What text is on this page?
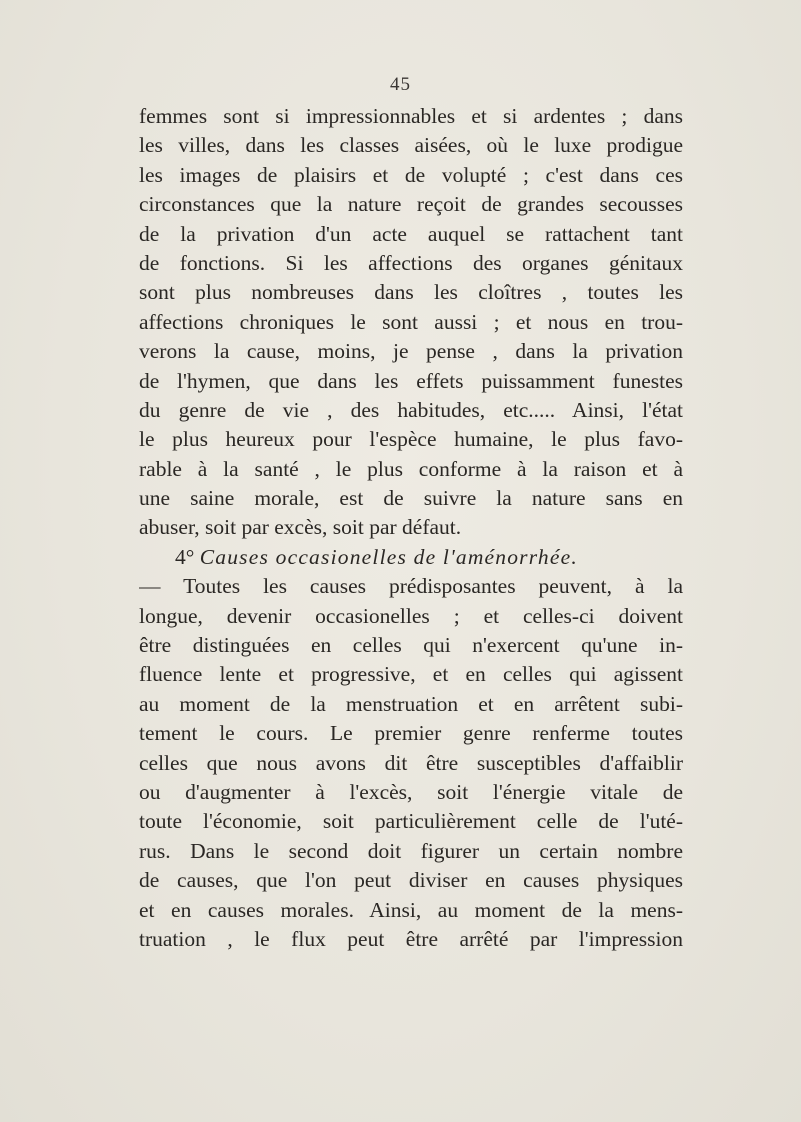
45
femmes sont si impressionnables et si ardentes ; dans
les villes, dans les classes aisées, où le luxe prodigue
les images de plaisirs et de volupté ; c'est dans ces
circonstances que la nature reçoit de grandes secousses
de la privation d'un acte auquel se rattachent tant
de fonctions. Si les affections des organes génitaux
sont plus nombreuses dans les cloîtres , toutes les
affections chroniques le sont aussi ; et nous en trou-
verons la cause, moins, je pense , dans la privation
de l'hymen, que dans les effets puissamment funestes
du genre de vie , des habitudes, etc..... Ainsi, l'état
le plus heureux pour l'espèce humaine, le plus favo-
rable à la santé , le plus conforme à la raison et à
une saine morale, est de suivre la nature sans en
abuser, soit par excès, soit par défaut.
4° Causes occasionelles de l'aménorrhée.
— Toutes les causes prédisposantes peuvent, à la
longue, devenir occasionelles ; et celles-ci doivent
être distinguées en celles qui n'exercent qu'une in-
fluence lente et progressive, et en celles qui agissent
au moment de la menstruation et en arrêtent subi-
tement le cours. Le premier genre renferme toutes
celles que nous avons dit être susceptibles d'affaiblir
ou d'augmenter à l'excès, soit l'énergie vitale de
toute l'économie, soit particulièrement celle de l'uté-
rus. Dans le second doit figurer un certain nombre
de causes, que l'on peut diviser en causes physiques
et en causes morales. Ainsi, au moment de la mens-
truation , le flux peut être arrêté par l'impression
